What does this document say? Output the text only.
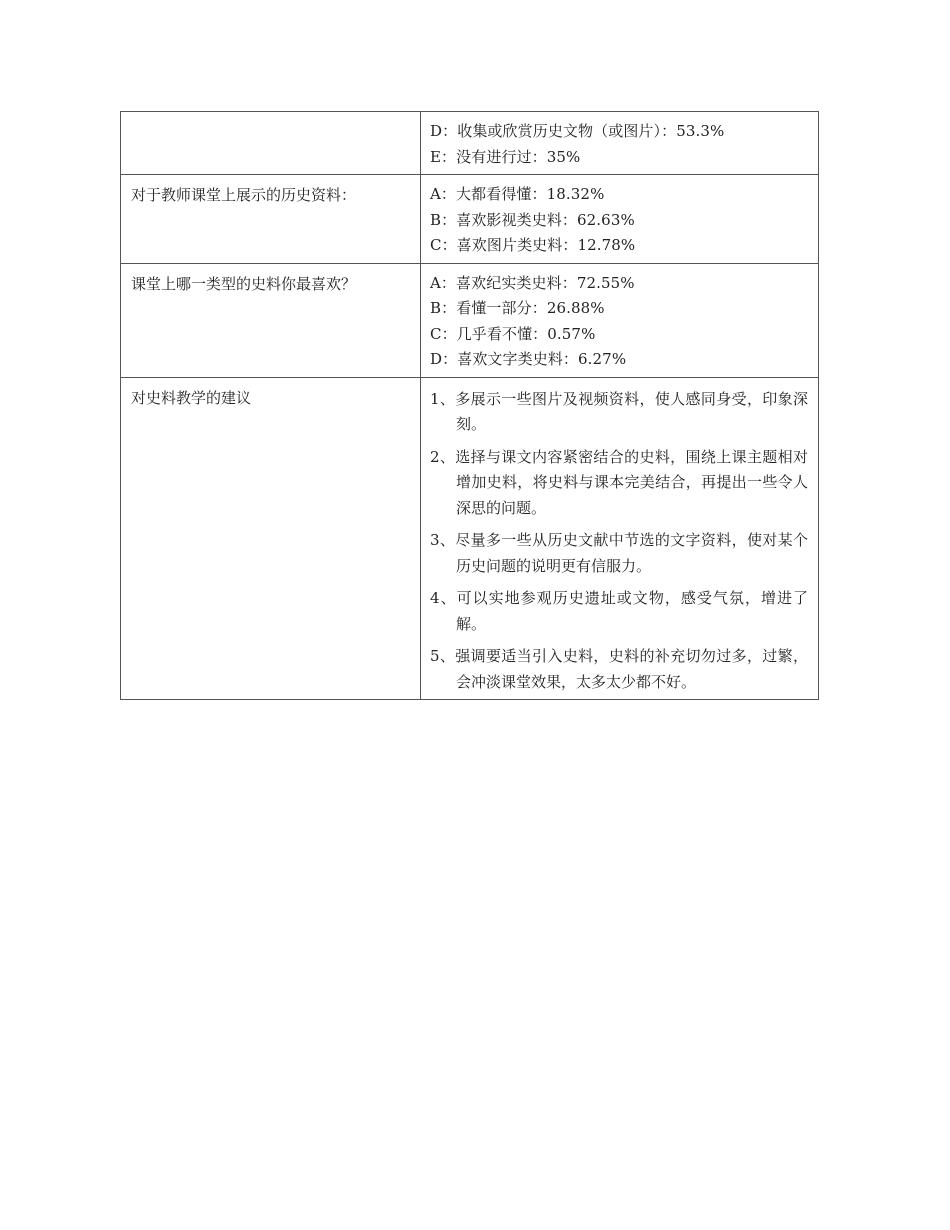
	D：收集或欣赏历史文物（或图片）：53.3%
E：没有进行过：35%

对于教师课堂上展示的历史资料：	A：大都看得懂：18.32%
B：喜欢影视类史料：62.63%
C：喜欢图片类史料：12.78%

课堂上哪一类型的史料你最喜欢？	A：喜欢纪实类史料：72.55%
B：看懂一部分：26.88%
C：几乎看不懂：0.57%
D：喜欢文字类史料：6.27%

对史料教学的建议	1、多展示一些图片及视频资料，使人感同身受，印象深刻。
2、选择与课文内容紧密结合的史料，围绕上课主题相对增加史料，将史料与课本完美结合，再提出一些令人深思的问题。
3、尽量多一些从历史文献中节选的文字资料，使对某个历史问题的说明更有信服力。
4、可以实地参观历史遗址或文物，感受气氛，增进了解。
5、强调要适当引入史料，史料的补充切勿过多，过繁，会冲淡课堂效果，太多太少都不好。
